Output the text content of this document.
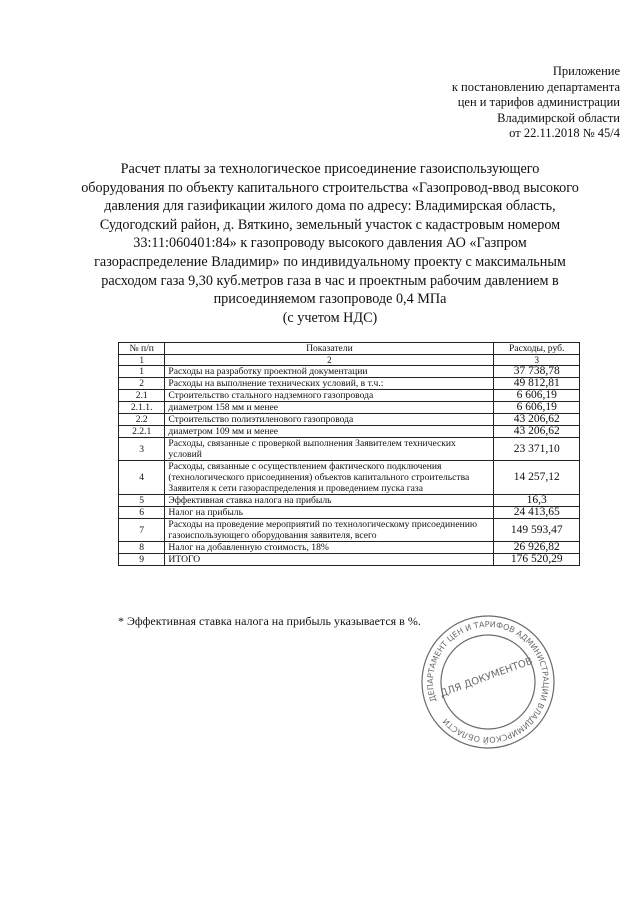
Приложение
к постановлению департамента
цен и тарифов администрации
Владимирской области
от 22.11.2018 № 45/4
Расчет платы за технологическое присоединение газоиспользующего
оборудования по объекту капитального строительства «Газопровод-ввод высокого
давления для газификации жилого дома по адресу: Владимирская область,
Судогодский район, д. Вяткино, земельный участок с кадастровым номером
33:11:060401:84» к газопроводу высокого давления АО «Газпром
газораспределение Владимир» по индивидуальному проекту с максимальным
расходом газа 9,30 куб.метров газа в час и проектным рабочим давлением в
присоединяемом газопроводе 0,4 МПа
(с учетом НДС)
№ п/п	Показатели	Расходы, руб.
1	2	3
1	Расходы на разработку проектной документации	37 738,78
2	Расходы на выполнение технических условий, в т.ч.:	49 812,81
2.1	Строительство стального надземного газопровода	6 606,19
2.1.1.	диаметром 158 мм и менее	6 606,19
2.2	Строительство полиэтиленового газопровода	43 206,62
2.2.1	диаметром 109 мм и менее	43 206,62
3	Расходы, связанные с проверкой выполнения Заявителем технических условий	23 371,10
4	Расходы, связанные с осуществлением фактического подключения (технологического присоединения) объектов капитального строительства Заявителя к сети газораспределения и проведением пуска газа	14 257,12
5	Эффективная ставка налога на прибыль	16,3
6	Налог на прибыль	24 413,65
7	Расходы на проведение мероприятий по технологическому присоединению газоиспользующего оборудования заявителя, всего	149 593,47
8	Налог на добавленную стоимость, 18%	26 926,82
9	ИТОГО	176 520,29
* Эффективная ставка налога на прибыль указывается в %.
ДЕПАРТАМЕНТ ЦЕН И ТАРИФОВ АДМИНИСТРАЦИИ ВЛАДИМИРСКОЙ ОБЛАСТИ
ДЛЯ ДОКУМЕНТОВ
